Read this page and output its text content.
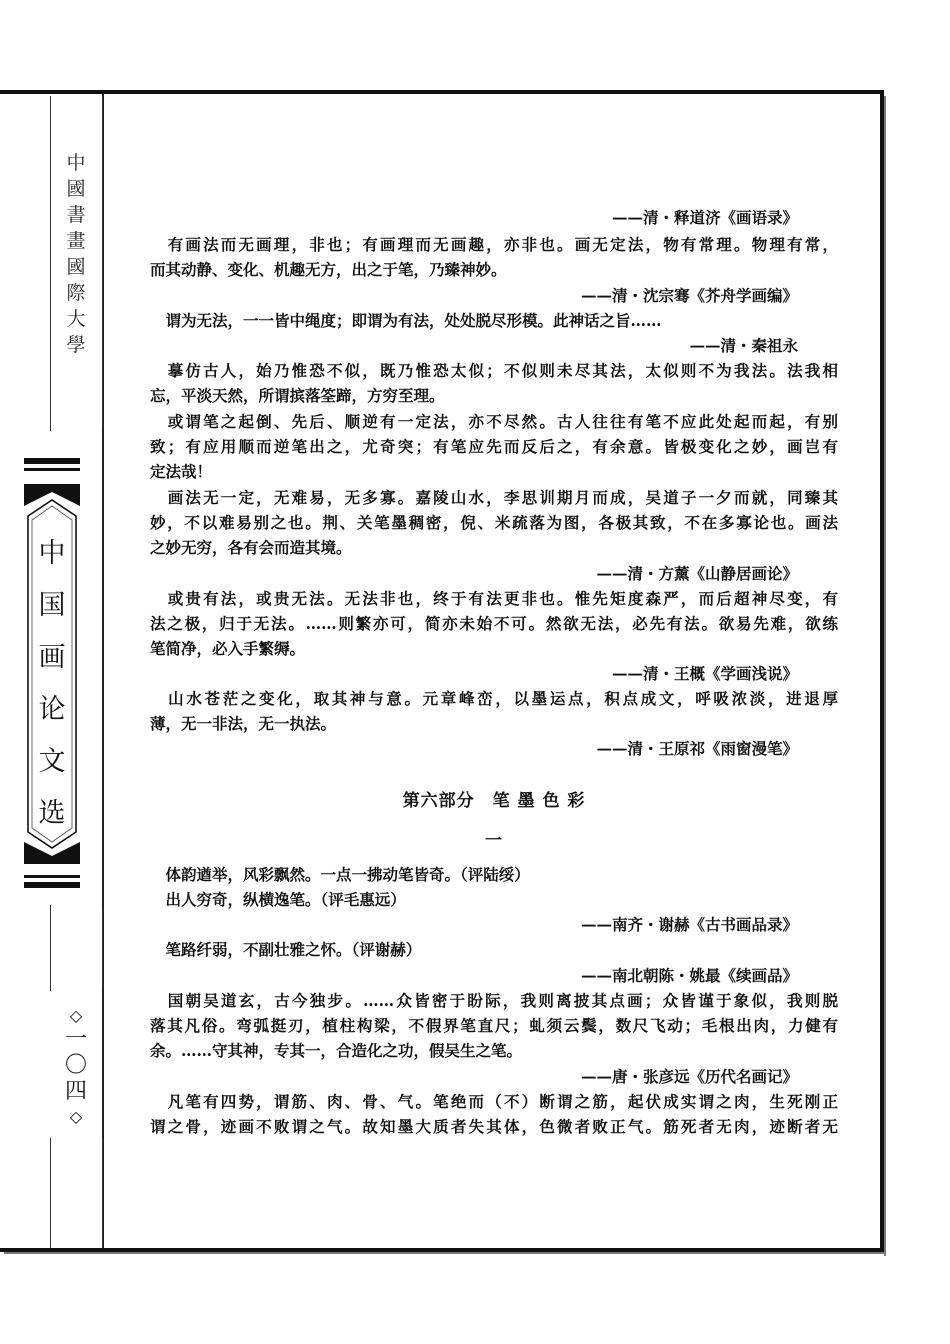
中
國
書
畫
國
際
大
學
中
国
画
论
文
选
◇
一
〇
四
◇
——清・释道济《画语录》
　有画法而无画理，非也；有画理而无画趣，亦非也。画无定法，物有常理。物理有常，
而其动静、变化、机趣无方，出之于笔，乃臻神妙。
——清・沈宗骞《芥舟学画编》
　谓为无法，一一皆中绳度；即谓为有法，处处脱尽形模。此神话之旨……
——清・秦祖永
　摹仿古人，始乃惟恐不似，既乃惟恐太似；不似则未尽其法，太似则不为我法。法我相
忘，平淡天然，所谓摈落筌蹄，方穷至理。
　或谓笔之起倒、先后、顺逆有一定法，亦不尽然。古人往往有笔不应此处起而起，有别
致；有应用顺而逆笔出之，尤奇突；有笔应先而反后之，有余意。皆极变化之妙，画岂有
定法哉！
　画法无一定，无难易，无多寡。嘉陵山水，李思训期月而成，吴道子一夕而就，同臻其
妙，不以难易别之也。荆、关笔墨稠密，倪、米疏落为图，各极其致，不在多寡论也。画法
之妙无穷，各有会而造其境。
——清・方薰《山静居画论》
　或贵有法，或贵无法。无法非也，终于有法更非也。惟先矩度森严，而后超神尽变，有
法之极，归于无法。……则繁亦可，简亦未始不可。然欲无法，必先有法。欲易先难，欲练
笔简净，必入手繁缛。
——清・王概《学画浅说》
　山水苍茫之变化，取其神与意。元章峰峦，以墨运点，积点成文，呼吸浓淡，进退厚
薄，无一非法，无一执法。
——清・王原祁《雨窗漫笔》
第六部分　笔 墨 色 彩
一
　体韵遒举，风彩飘然。一点一拂动笔皆奇。（评陆绥）
　出人穷奇，纵横逸笔。（评毛惠远）
——南齐・谢赫《古书画品录》
　笔路纤弱，不副壮雅之怀。（评谢赫）
——南北朝陈・姚最《续画品》
　国朝吴道玄，古今独步。……众皆密于盼际，我则离披其点画；众皆谨于象似，我则脱
落其凡俗。弯弧挺刃，植柱构梁，不假界笔直尺；虬须云鬓，数尺飞动；毛根出肉，力健有
余。……守其神，专其一，合造化之功，假吴生之笔。
——唐・张彦远《历代名画记》
　凡笔有四势，谓筋、肉、骨、气。笔绝而（不）断谓之筋，起伏成实谓之肉，生死刚正
谓之骨，迹画不败谓之气。故知墨大质者失其体，色微者败正气。筋死者无肉，迹断者无
